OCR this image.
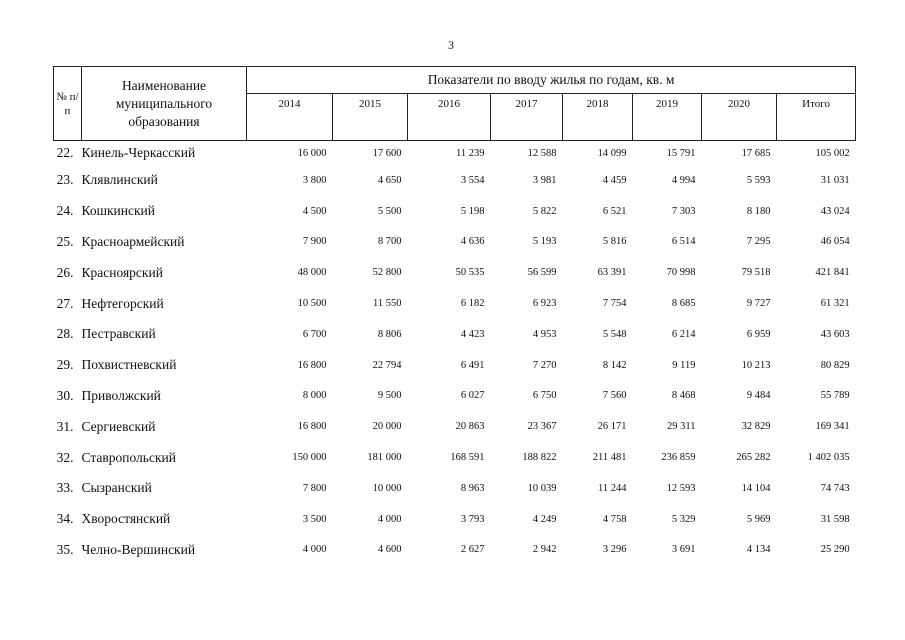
3
№ п/п	Наименование муниципального образования	Показатели по вводу жилья по годам, кв. м							
		2014	2015	2016	2017	2018	2019	2020	Итого
22.	Кинель-Черкасский	16 000	17 600	11 239	12 588	14 099	15 791	17 685	105 002
23.	Клявлинский	3 800	4 650	3 554	3 981	4 459	4 994	5 593	31 031
24.	Кошкинский	4 500	5 500	5 198	5 822	6 521	7 303	8 180	43 024
25.	Красноармейский	7 900	8 700	4 636	5 193	5 816	6 514	7 295	46 054
26.	Красноярский	48 000	52 800	50 535	56 599	63 391	70 998	79 518	421 841
27.	Нефтегорский	10 500	11 550	6 182	6 923	7 754	8 685	9 727	61 321
28.	Пестравский	6 700	8 806	4 423	4 953	5 548	6 214	6 959	43 603
29.	Похвистневский	16 800	22 794	6 491	7 270	8 142	9 119	10 213	80 829
30.	Приволжский	8 000	9 500	6 027	6 750	7 560	8 468	9 484	55 789
31.	Сергиевский	16 800	20 000	20 863	23 367	26 171	29 311	32 829	169 341
32.	Ставропольский	150 000	181 000	168 591	188 822	211 481	236 859	265 282	1 402 035
33.	Сызранский	7 800	10 000	8 963	10 039	11 244	12 593	14 104	74 743
34.	Хворостянский	3 500	4 000	3 793	4 249	4 758	5 329	5 969	31 598
35.	Челно-Вершинский	4 000	4 600	2 627	2 942	3 296	3 691	4 134	25 290
